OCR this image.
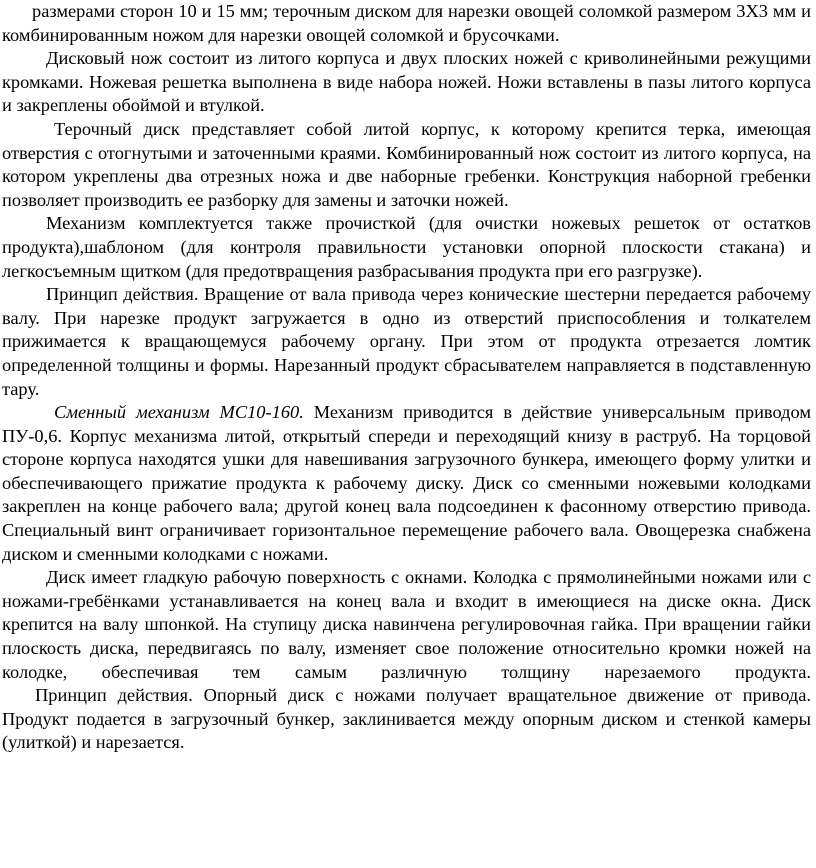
размерами сторон 10 и 15 мм; терочным диском для нарезки овощей соломкой размером 3Х3 мм и комбинированным ножом для нарезки овощей соломкой и брусочками.

Дисковый нож состоит из литого корпуса и двух плоских ножей с криволинейными режущими кромками. Ножевая решетка выполнена в виде набора ножей. Ножи вставлены в пазы литого корпуса и закреплены обоймой и втулкой.

Терочный диск представляет собой литой корпус, к которому крепится терка, имеющая отверстия с отогнутыми и заточенными краями. Комбинированный нож состоит из литого корпуса, на котором укреплены два отрезных ножа и две наборные гребенки. Конструкция наборной гребенки позволяет производить ее разборку для замены и заточки ножей.

Механизм комплектуется также прочисткой (для очистки ножевых решеток от остатков продукта),шаблоном (для контроля правильности установки опорной плоскости стакана) и легкосъемным щитком (для предотвращения разбрасывания продукта при его разгрузке).

Принцип действия. Вращение от вала привода через конические шестерни передается рабочему валу. При нарезке продукт загружается в одно из отверстий приспособления и толкателем прижимается к вращающемуся рабочему органу. При этом от продукта отрезается ломтик определенной толщины и формы. Нарезанный продукт сбрасывателем направляется в подставленную тару.

Сменный механизм МС10-160. Механизм приводится в действие универсальным приводом ПУ-0,6. Корпус механизма литой, открытый спереди и переходящий книзу в раструб. На торцовой стороне корпуса находятся ушки для навешивания загрузочного бункера, имеющего форму улитки и обеспечивающего прижатие продукта к рабочему диску. Диск со сменными ножевыми колодками закреплен на конце рабочего вала; другой конец вала подсоединен к фасонному отверстию привода. Специальный винт ограничивает горизонтальное перемещение рабочего вала. Овощерезка снабжена диском и сменными колодками с ножами.

Диск имеет гладкую рабочую поверхность с окнами. Колодка с прямолинейными ножами или с ножами-гребёнками устанавливается на конец вала и входит в имеющиеся на диске окна. Диск крепится на валу шпонкой. На ступицу диска навинчена регулировочная гайка. При вращении гайки плоскость диска, передвигаясь по валу, изменяет свое положение относительно кромки ножей на колодке, обеспечивая тем самым различную толщину нарезаемого продукта.

Принцип действия. Опорный диск с ножами получает вращательное движение от привода. Продукт подается в загрузочный бункер, заклинивается между опорным диском и стенкой камеры (улиткой) и нарезается.
